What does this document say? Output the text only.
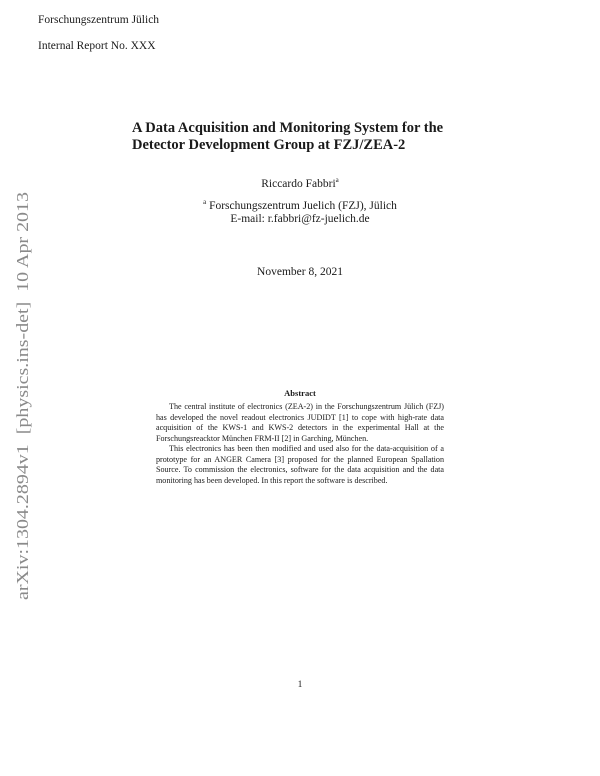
Forschungszentrum Jülich
Internal Report No. XXX
arXiv:1304.2894v1  [physics.ins-det]  10 Apr 2013
A Data Acquisition and Monitoring System for the
Detector Development Group at FZJ/ZEA-2
Riccardo Fabbri$^a$
$^a$ Forschungszentrum Juelich (FZJ), Jülich
E-mail: r.fabbri@fz-juelich.de
November 8, 2021
Abstract

The central institute of electronics (ZEA-2) in the Forschungszentrum Jülich (FZJ) has developed the novel readout electronics JUDIDT [1] to cope with high-rate data acquisition of the KWS-1 and KWS-2 detectors in the experimental Hall at the Forschungsreacktor München FRM-II [2] in Garching, München.

This electronics has been then modified and used also for the data-acquisition of a prototype for an ANGER Camera [3] proposed for the planned European Spallation Source. To commission the electronics, software for the data acquisition and the data monitoring has been developed. In this report the software is described.

1
